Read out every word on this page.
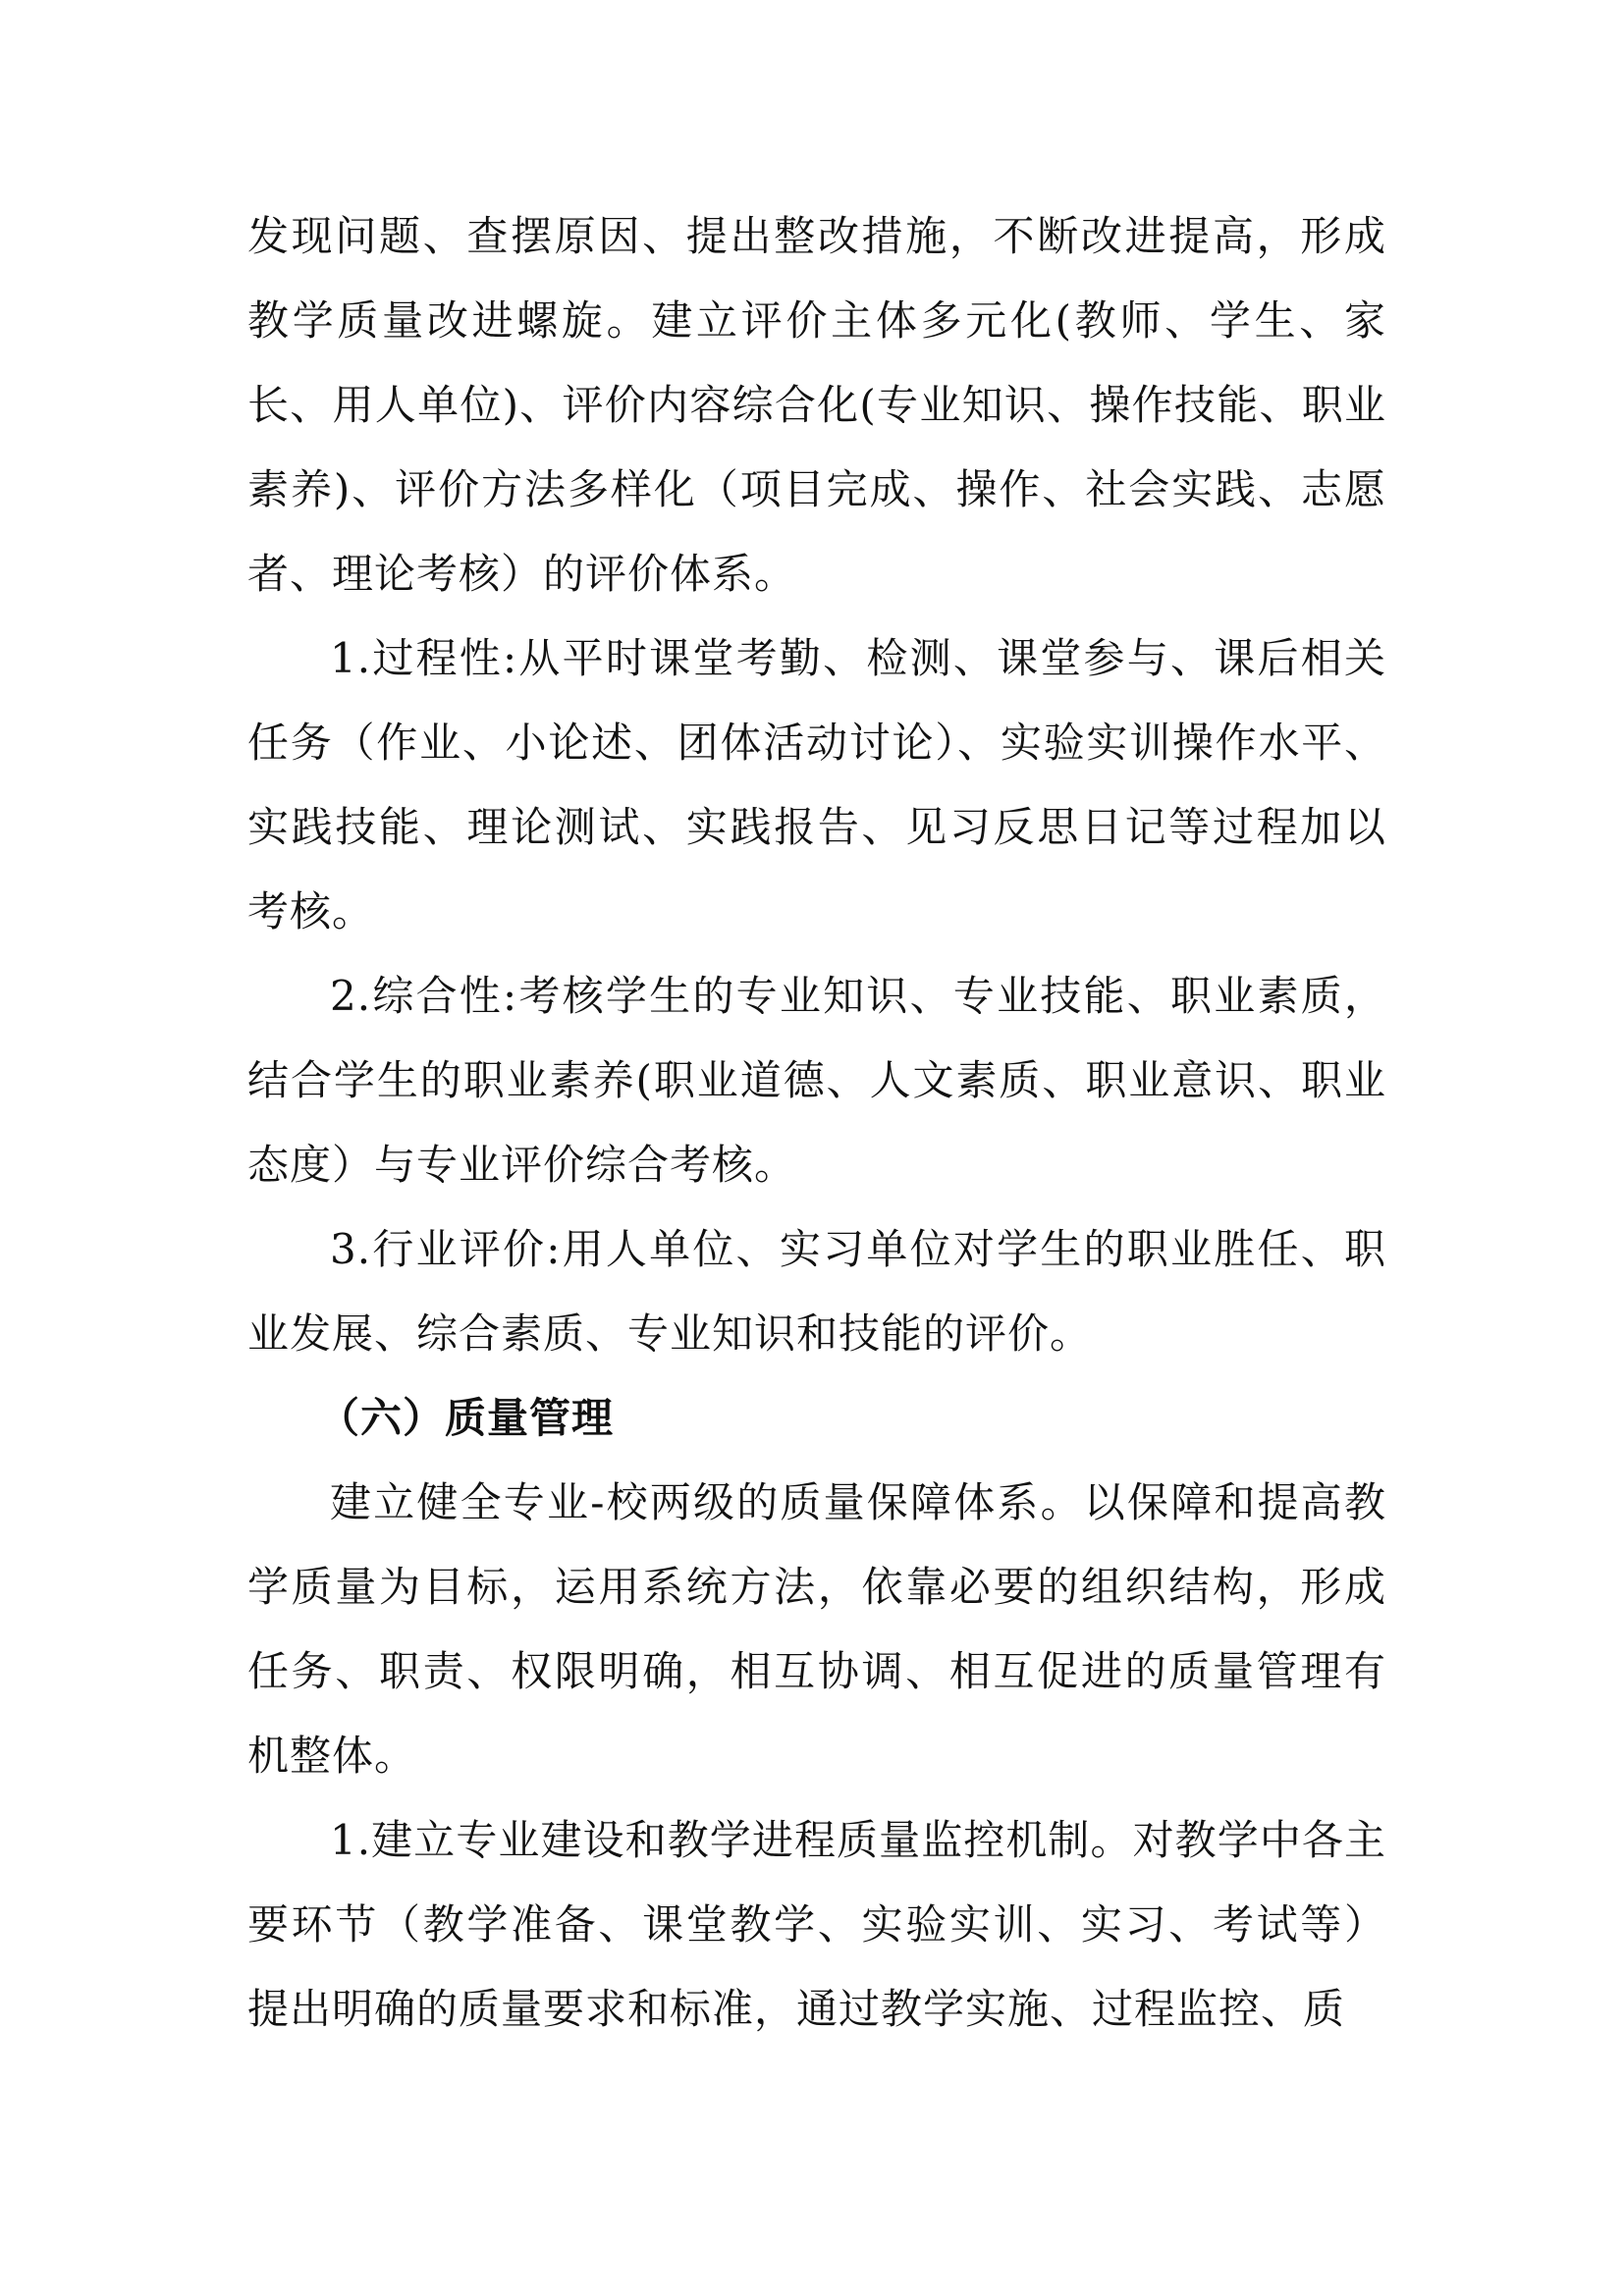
发现问题、查摆原因、提出整改措施，不断改进提高，形成教学质量改进螺旋。建立评价主体多元化(教师、学生、家长、用人单位)、评价内容综合化(专业知识、操作技能、职业素养)、评价方法多样化（项目完成、操作、社会实践、志愿者、理论考核）的评价体系。

1.过程性:从平时课堂考勤、检测、课堂参与、课后相关任务（作业、小论述、团体活动讨论）、实验实训操作水平、实践技能、理论测试、实践报告、见习反思日记等过程加以考核。

2.综合性:考核学生的专业知识、专业技能、职业素质，结合学生的职业素养(职业道德、人文素质、职业意识、职业态度）与专业评价综合考核。

3.行业评价:用人单位、实习单位对学生的职业胜任、职业发展、综合素质、专业知识和技能的评价。

（六）质量管理

建立健全专业-校两级的质量保障体系。以保障和提高教学质量为目标，运用系统方法，依靠必要的组织结构，形成任务、职责、权限明确，相互协调、相互促进的质量管理有机整体。

1.建立专业建设和教学进程质量监控机制。对教学中各主要环节（教学准备、课堂教学、实验实训、实习、考试等）提出明确的质量要求和标准，通过教学实施、过程监控、质
